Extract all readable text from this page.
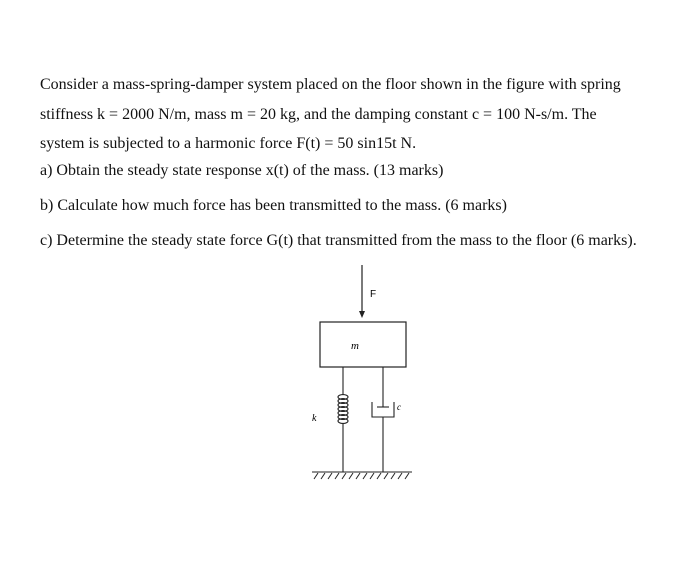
Consider a mass-spring-damper system placed on the floor shown in the figure with spring
stiffness k = 2000 N/m, mass m = 20 kg, and the damping constant c = 100 N-s/m. The
system is subjected to a harmonic force F(t) = 50 sin15t N.
a) Obtain the steady state response x(t) of the mass. (13 marks)
b) Calculate how much force has been transmitted to the mass. (6 marks)
c) Determine the steady state force G(t) that transmitted from the mass to the floor (6 marks).
F
m
k
c
